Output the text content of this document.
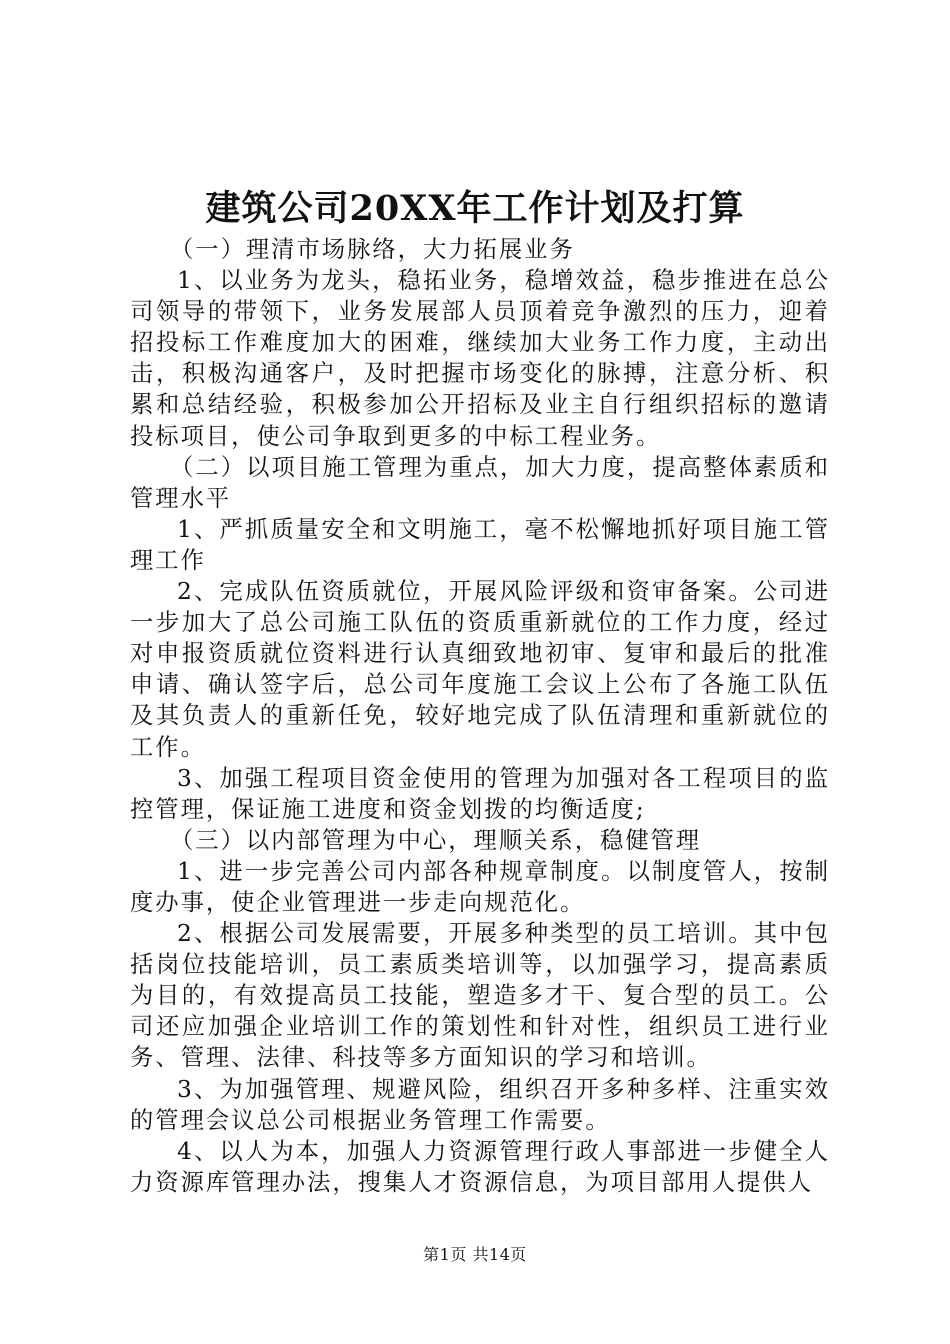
建筑公司20XX年工作计划及打算

（一）理清市场脉络，大力拓展业务

1、以业务为龙头，稳拓业务，稳增效益，稳步推进在总公司领导的带领下，业务发展部人员顶着竞争激烈的压力，迎着招投标工作难度加大的困难，继续加大业务工作力度，主动出击，积极沟通客户，及时把握市场变化的脉搏，注意分析、积累和总结经验，积极参加公开招标及业主自行组织招标的邀请投标项目，使公司争取到更多的中标工程业务。

（二）以项目施工管理为重点，加大力度，提高整体素质和管理水平

1、严抓质量安全和文明施工，毫不松懈地抓好项目施工管理工作

2、完成队伍资质就位，开展风险评级和资审备案。公司进一步加大了总公司施工队伍的资质重新就位的工作力度，经过对申报资质就位资料进行认真细致地初审、复审和最后的批准申请、确认签字后，总公司年度施工会议上公布了各施工队伍及其负责人的重新任免，较好地完成了队伍清理和重新就位的工作。

3、加强工程项目资金使用的管理为加强对各工程项目的监控管理，保证施工进度和资金划拨的均衡适度;

（三）以内部管理为中心，理顺关系，稳健管理

1、进一步完善公司内部各种规章制度。以制度管人，按制度办事，使企业管理进一步走向规范化。

2、根据公司发展需要，开展多种类型的员工培训。其中包括岗位技能培训，员工素质类培训等，以加强学习，提高素质为目的，有效提高员工技能，塑造多才干、复合型的员工。公司还应加强企业培训工作的策划性和针对性，组织员工进行业务、管理、法律、科技等多方面知识的学习和培训。

3、为加强管理、规避风险，组织召开多种多样、注重实效的管理会议总公司根据业务管理工作需要。

4、以人为本，加强人力资源管理行政人事部进一步健全人力资源库管理办法，搜集人才资源信息，为项目部用人提供人

第1页 共14页
